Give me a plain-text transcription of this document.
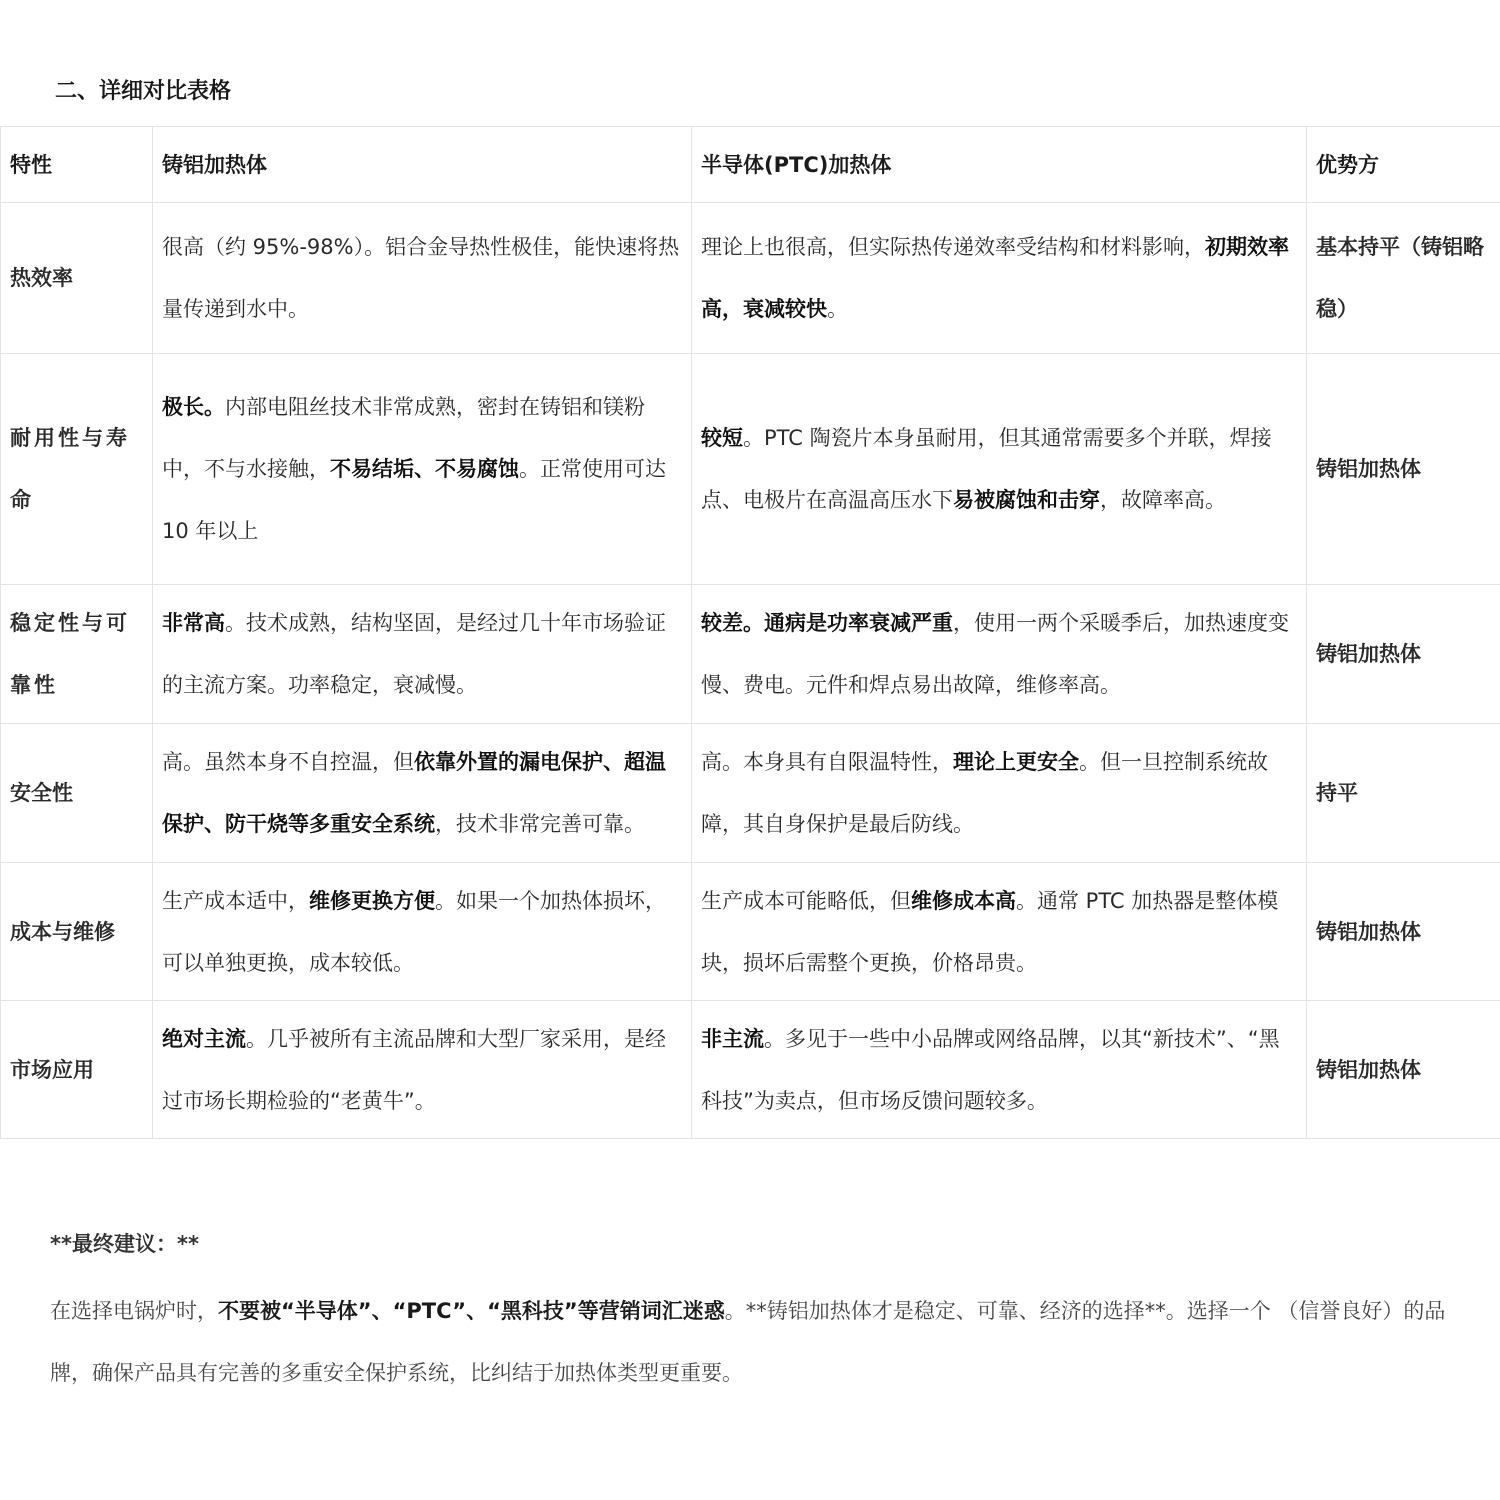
二、详细对比表格
特性	铸铝加热体	半导体(PTC)加热体	优势方
热效率	很高（约 95%-98%）。铝合金导热性极佳，能快速将热量传递到水中。	理论上也很高，但实际热传递效率受结构和材料影响，初期效率高，衰减较快。	基本持平（铸铝略稳）
耐用性与寿命	极长。内部电阻丝技术非常成熟，密封在铸铝和镁粉中，不与水接触，不易结垢、不易腐蚀。正常使用可达 10 年以上	较短。PTC 陶瓷片本身虽耐用，但其通常需要多个并联，焊接点、电极片在高温高压水下易被腐蚀和击穿，故障率高。	铸铝加热体
稳定性与可靠性	非常高。技术成熟，结构坚固，是经过几十年市场验证的主流方案。功率稳定，衰减慢。	较差。通病是功率衰减严重，使用一两个采暖季后，加热速度变慢、费电。元件和焊点易出故障，维修率高。	铸铝加热体
安全性	高。虽然本身不自控温，但依靠外置的漏电保护、超温保护、防干烧等多重安全系统，技术非常完善可靠。	高。本身具有自限温特性，理论上更安全。但一旦控制系统故障，其自身保护是最后防线。	持平
成本与维修	生产成本适中，维修更换方便。如果一个加热体损坏，可以单独更换，成本较低。	生产成本可能略低，但维修成本高。通常 PTC 加热器是整体模块，损坏后需整个更换，价格昂贵。	铸铝加热体
市场应用	绝对主流。几乎被所有主流品牌和大型厂家采用，是经过市场长期检验的“老黄牛”。	非主流。多见于一些中小品牌或网络品牌，以其“新技术”、“黑科技”为卖点，但市场反馈问题较多。	铸铝加热体
**最终建议：**
在选择电锅炉时，不要被“半导体”、“PTC”、“黑科技”等营销词汇迷惑。**铸铝加热体才是稳定、可靠、经济的选择**。选择一个 （信誉良好）的品牌，确保产品具有完善的多重安全保护系统，比纠结于加热体类型更重要。
